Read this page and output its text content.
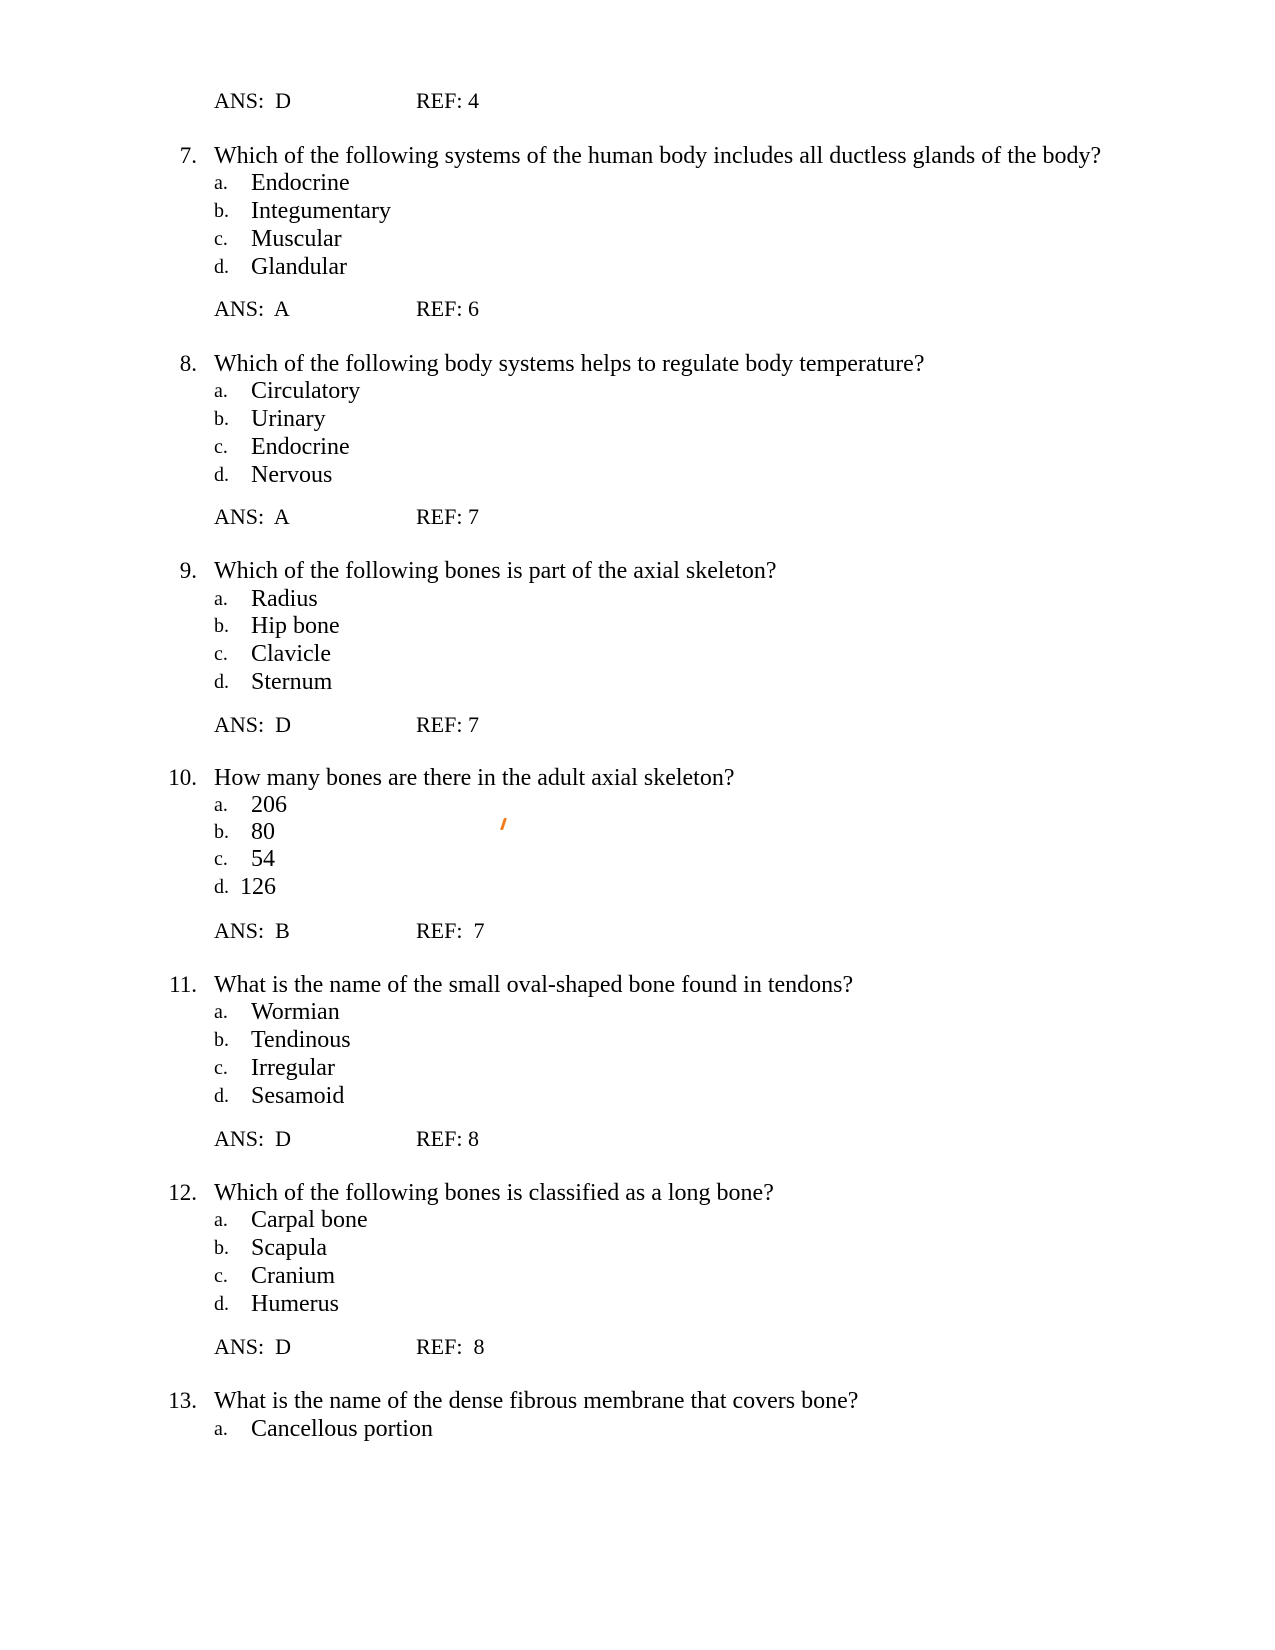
ANS:  D	REF: 4
7. Which of the following systems of the human body includes all ductless glands of the body?
a. Endocrine
b. Integumentary
c. Muscular
d. Glandular
ANS:  A	REF: 6
8. Which of the following body systems helps to regulate body temperature?
a. Circulatory
b. Urinary
c. Endocrine
d. Nervous
ANS:  A	REF: 7
9. Which of the following bones is part of the axial skeleton?
a. Radius
b. Hip bone
c. Clavicle
d. Sternum
ANS:  D	REF: 7
10. How many bones are there in the adult axial skeleton?
a. 206
b. 80
c. 54
d. 126
ANS:  B	REF:  7
11. What is the name of the small oval-shaped bone found in tendons?
a. Wormian
b. Tendinous
c. Irregular
d. Sesamoid
ANS:  D	REF: 8
12. Which of the following bones is classified as a long bone?
a. Carpal bone
b. Scapula
c. Cranium
d. Humerus
ANS:  D	REF:  8
13. What is the name of the dense fibrous membrane that covers bone?
a. Cancellous portion
